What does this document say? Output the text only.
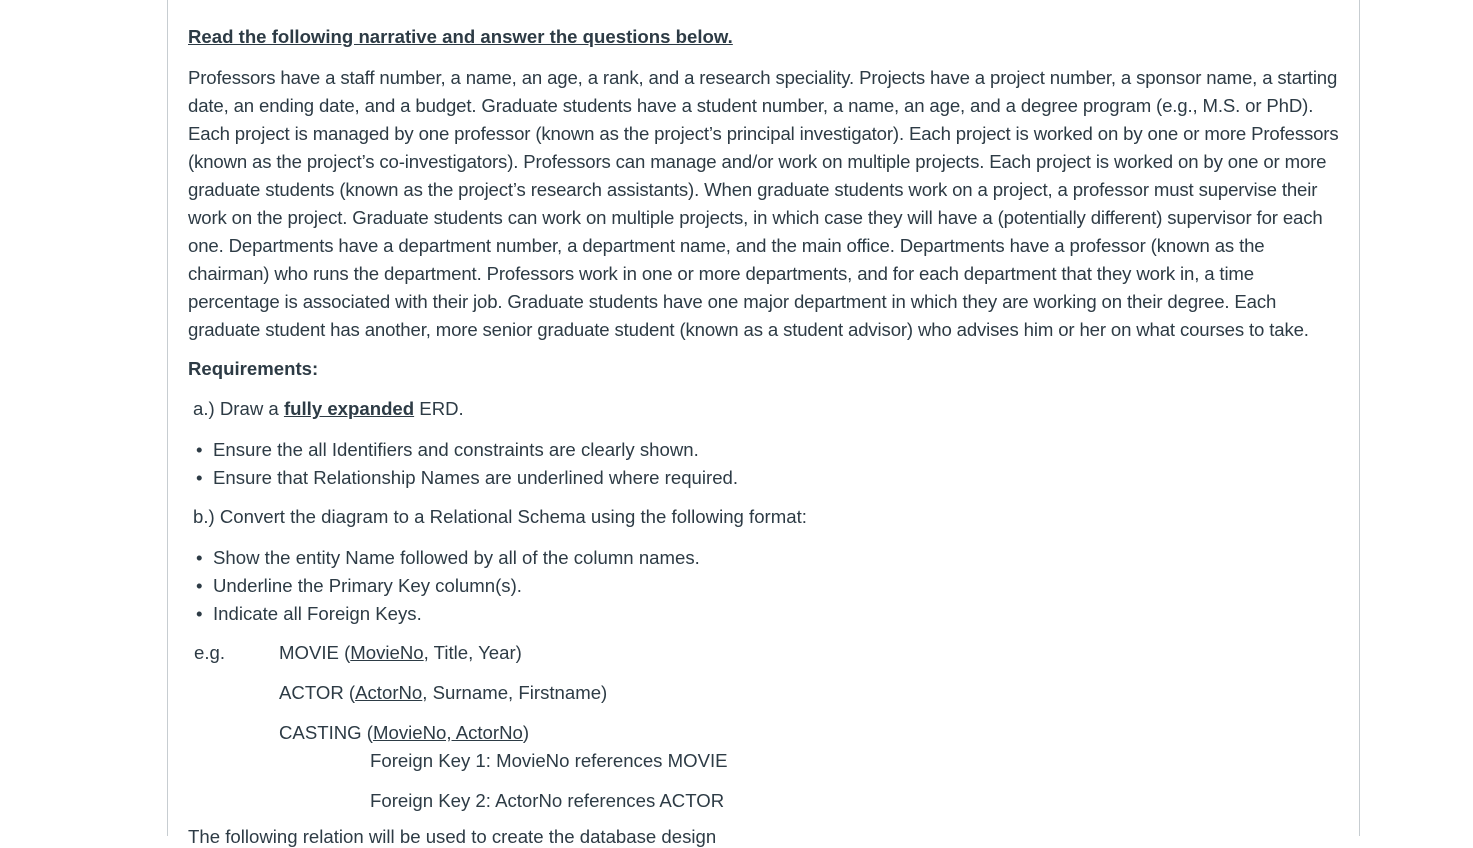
Read the following narrative and answer the questions below.

Professors have a staff number, a name, an age, a rank, and a research speciality. Projects have a project number, a sponsor name, a starting date, an ending date, and a budget. Graduate students have a student number, a name, an age, and a degree program (e.g., M.S. or PhD). Each project is managed by one professor (known as the project’s principal investigator). Each project is worked on by one or more Professors (known as the project’s co-investigators). Professors can manage and/or work on multiple projects. Each project is worked on by one or more graduate students (known as the project’s research assistants). When graduate students work on a project, a professor must supervise their work on the project. Graduate students can work on multiple projects, in which case they will have a (potentially different) supervisor for each one. Departments have a department number, a department name, and the main office. Departments have a professor (known as the chairman) who runs the department. Professors work in one or more departments, and for each department that they work in, a time percentage is associated with their job. Graduate students have one major department in which they are working on their degree. Each graduate student has another, more senior graduate student (known as a student advisor) who advises him or her on what courses to take.

Requirements:

a.) Draw a fully expanded ERD.

• Ensure the all Identifiers and constraints are clearly shown.
• Ensure that Relationship Names are underlined where required.

b.) Convert the diagram to a Relational Schema using the following format:

• Show the entity Name followed by all of the column names.
• Underline the Primary Key column(s).
• Indicate all Foreign Keys.

e.g.	MOVIE (MovieNo, Title, Year)

ACTOR (ActorNo, Surname, Firstname)

CASTING (MovieNo, ActorNo)

Foreign Key 1: MovieNo references MOVIE

Foreign Key 2: ActorNo references ACTOR

The following relation will be used to create the database design
